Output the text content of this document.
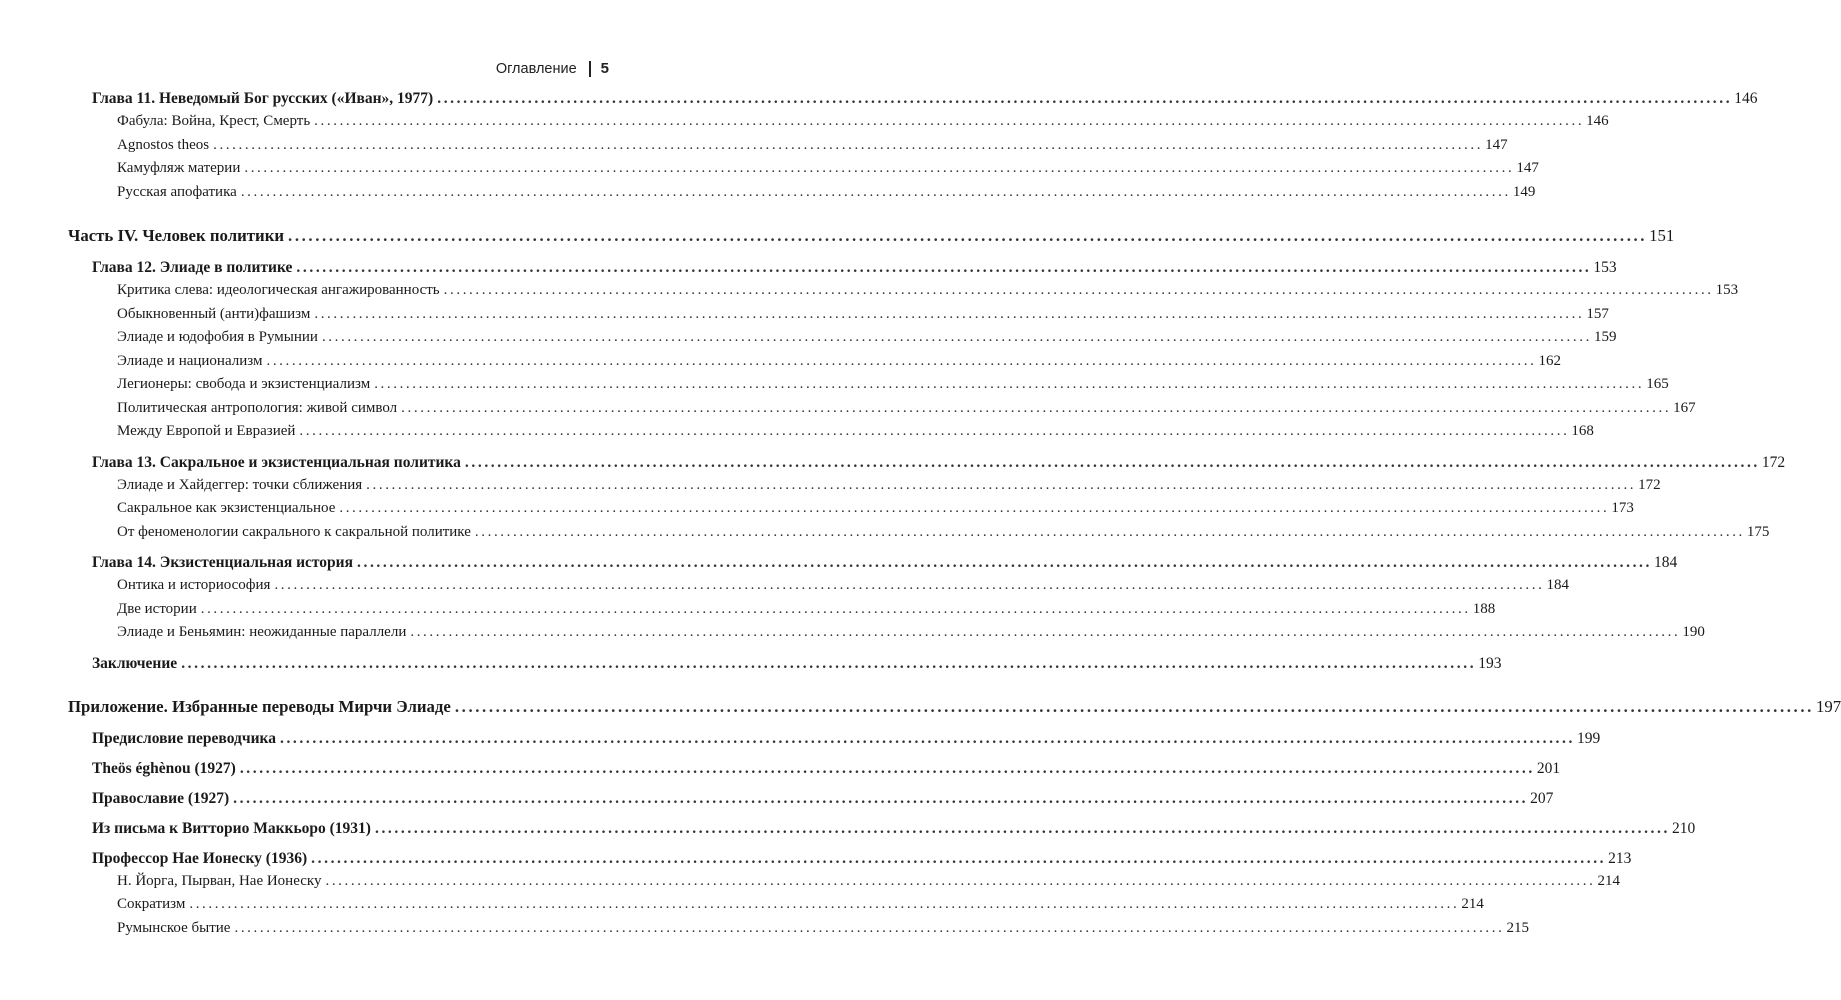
Оглавление 5
Глава 11. Неведомый Бог русских («Иван», 1977) ........................................................................................................................................................................................................ 146
Фабула: Война, Крест, Смерть ........................................................................................................................................................................................................ 146
Agnostos theos ........................................................................................................................................................................................................ 147
Камуфляж материи ........................................................................................................................................................................................................ 147
Русская апофатика ........................................................................................................................................................................................................ 149
Часть IV. Человек политики ........................................................................................................................................................................................................ 151
Глава 12. Элиаде в политике ........................................................................................................................................................................................................ 153
Критика слева: идеологическая ангажированность ........................................................................................................................................................................................................ 153
Обыкновенный (анти)фашизм ........................................................................................................................................................................................................ 157
Элиаде и юдофобия в Румынии ........................................................................................................................................................................................................ 159
Элиаде и национализм ........................................................................................................................................................................................................ 162
Легионеры: свобода и экзистенциализм ........................................................................................................................................................................................................ 165
Политическая антропология: живой символ ........................................................................................................................................................................................................ 167
Между Европой и Евразией ........................................................................................................................................................................................................ 168
Глава 13. Сакральное и экзистенциальная политика ........................................................................................................................................................................................................ 172
Элиаде и Хайдеггер: точки сближения ........................................................................................................................................................................................................ 172
Сакральное как экзистенциальное ........................................................................................................................................................................................................ 173
От феноменологии сакрального к сакральной политике ........................................................................................................................................................................................................ 175
Глава 14. Экзистенциальная история ........................................................................................................................................................................................................ 184
Онтика и историософия ........................................................................................................................................................................................................ 184
Две истории ........................................................................................................................................................................................................ 188
Элиаде и Беньямин: неожиданные параллели ........................................................................................................................................................................................................ 190
Заключение ........................................................................................................................................................................................................ 193
Приложение. Избранные переводы Мирчи Элиаде ........................................................................................................................................................................................................ 197
Предисловие переводчика ........................................................................................................................................................................................................ 199
Theös éghènou (1927) ........................................................................................................................................................................................................ 201
Православие (1927) ........................................................................................................................................................................................................ 207
Из письма к Витторио Маккьоро (1931) ........................................................................................................................................................................................................ 210
Профессор Нае Ионеску (1936) ........................................................................................................................................................................................................ 213
Н. Йорга, Пырван, Нае Ионеску ........................................................................................................................................................................................................ 214
Сократизм ........................................................................................................................................................................................................ 214
Румынское бытие ........................................................................................................................................................................................................ 215
